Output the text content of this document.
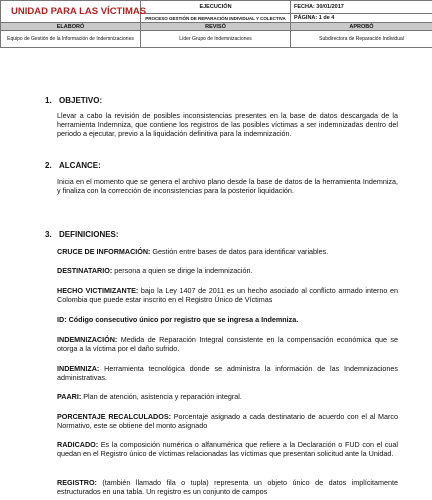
UNIDAD PARA LAS VÍCTIMAS	EJECUCIÓN	FECHA: 30/01/2017
	PROCESO GESTIÓN DE REPARACIÓN INDIVIDUAL Y COLECTIVA	PÁGINA: 1 de 4
ELABORÓ	REVISÓ	APROBÓ
Equipo de Gestión de la Información de Indemnizaciones	Líder Grupo de Indemnizaciones	Subdirectora de Reparación Individual
1. OBJETIVO:
Llevar a cabo la revisión de posibles inconsistencias presentes en la base de datos descargada de la herramienta Indemniza, que contiene los registros de las posibles víctimas a ser indemnizadas dentro del periodo a ejecutar, previo a la liquidación definitiva para la indemnización.
2. ALCANCE:
Inicia en el momento que se genera el archivo plano desde la base de datos de la herramienta Indemniza, y finaliza con la corrección de inconsistencias para la posterior liquidación.
3. DEFINICIONES:
CRUCE DE INFORMACIÓN: Gestión entre bases de datos para identificar variables.
DESTINATARIO: persona a quien se dirige la indemnización.
HECHO VICTIMIZANTE: bajo la Ley 1407 de 2011 es un hecho asociado al conflicto armado interno en Colombia que puede estar inscrito en el Registro Único de Víctimas
ID: Código consecutivo único por registro que se ingresa a Indemniza.
INDEMNIZACIÓN: Medida de Reparación Integral consistente en la compensación económica que se otorga a la víctima por el daño sufrido.
INDEMNIZA: Herramienta tecnológica donde se administra la información de las Indemnizaciones administrativas.
PAARI: Plan de atención, asistencia y reparación integral.
PORCENTAJE RECALCULADOS: Porcentaje asignado a cada destinatario de acuerdo con el al Marco Normativo, este se obtiene del monto asignado
RADICADO: Es la composición numérica o alfanumérica que refiere a la Declaración o FUD con el cual quedan en el Registro único de víctimas relacionadas las víctimas que presentan solicitud ante la Unidad.
REGISTRO: (también llamado fila o tupla) representa un objeto único de datos implícitamente estructurados en una tabla. Un registro es un conjunto de campos
